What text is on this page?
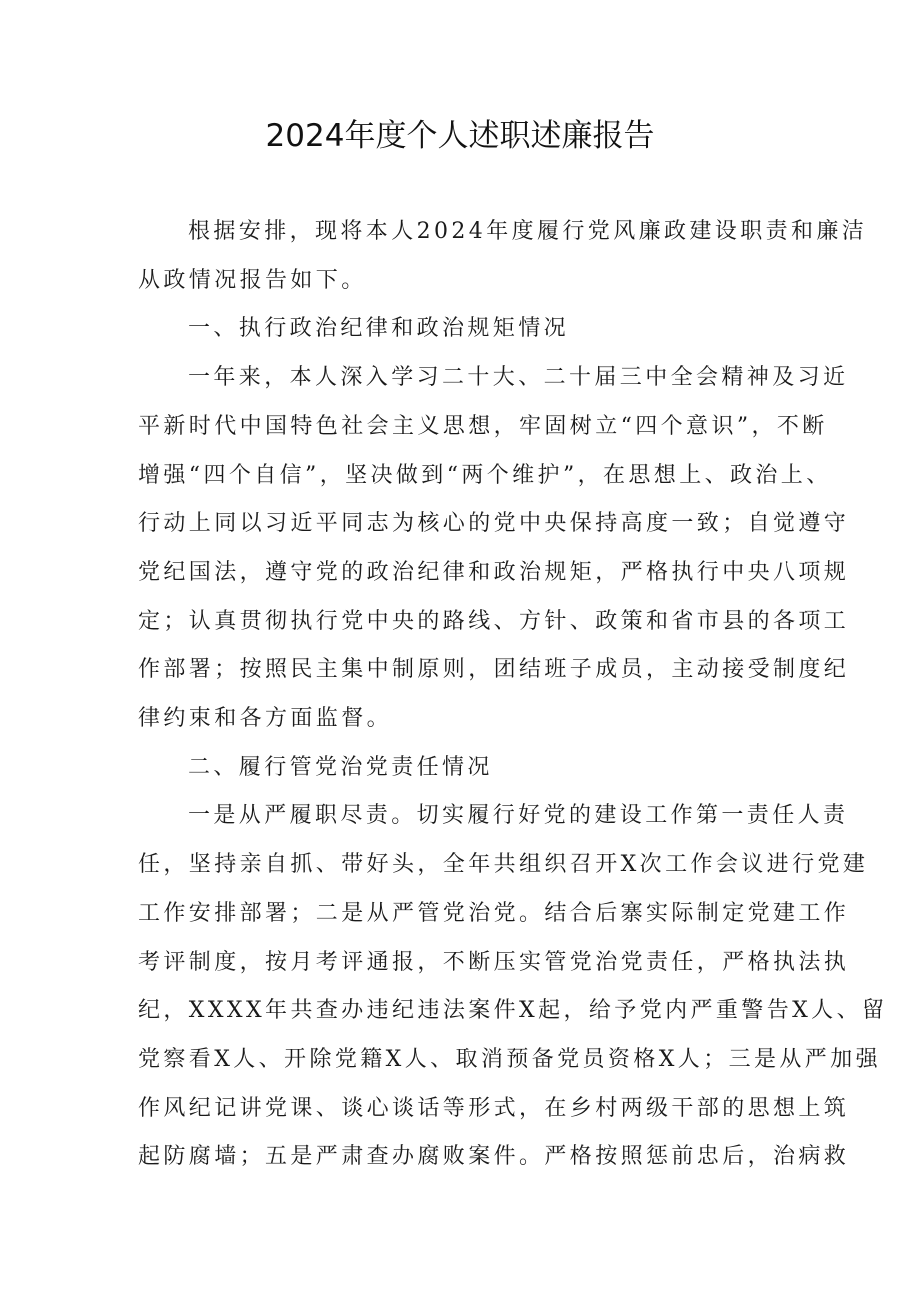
2024年度个人述职述廉报告

根据安排，现将本人2024年度履行党风廉政建设职责和廉洁

从政情况报告如下。

一、执行政治纪律和政治规矩情况

一年来，本人深入学习二十大、二十届三中全会精神及习近

平新时代中国特色社会主义思想，牢固树立“四个意识”，不断

增强“四个自信”，坚决做到“两个维护”，在思想上、政治上、

行动上同以习近平同志为核心的党中央保持高度一致；自觉遵守

党纪国法，遵守党的政治纪律和政治规矩，严格执行中央八项规

定；认真贯彻执行党中央的路线、方针、政策和省市县的各项工

作部署；按照民主集中制原则，团结班子成员，主动接受制度纪

律约束和各方面监督。

二、履行管党治党责任情况

一是从严履职尽责。切实履行好党的建设工作第一责任人责

任，坚持亲自抓、带好头，全年共组织召开X次工作会议进行党建

工作安排部署；二是从严管党治党。结合后寨实际制定党建工作

考评制度，按月考评通报，不断压实管党治党责任，严格执法执

纪，XXXX年共查办违纪违法案件X起，给予党内严重警告X人、留

党察看X人、开除党籍X人、取消预备党员资格X人；三是从严加强

作风纪记讲党课、谈心谈话等形式，在乡村两级干部的思想上筑

起防腐墙；五是严肃查办腐败案件。严格按照惩前忠后，治病救
